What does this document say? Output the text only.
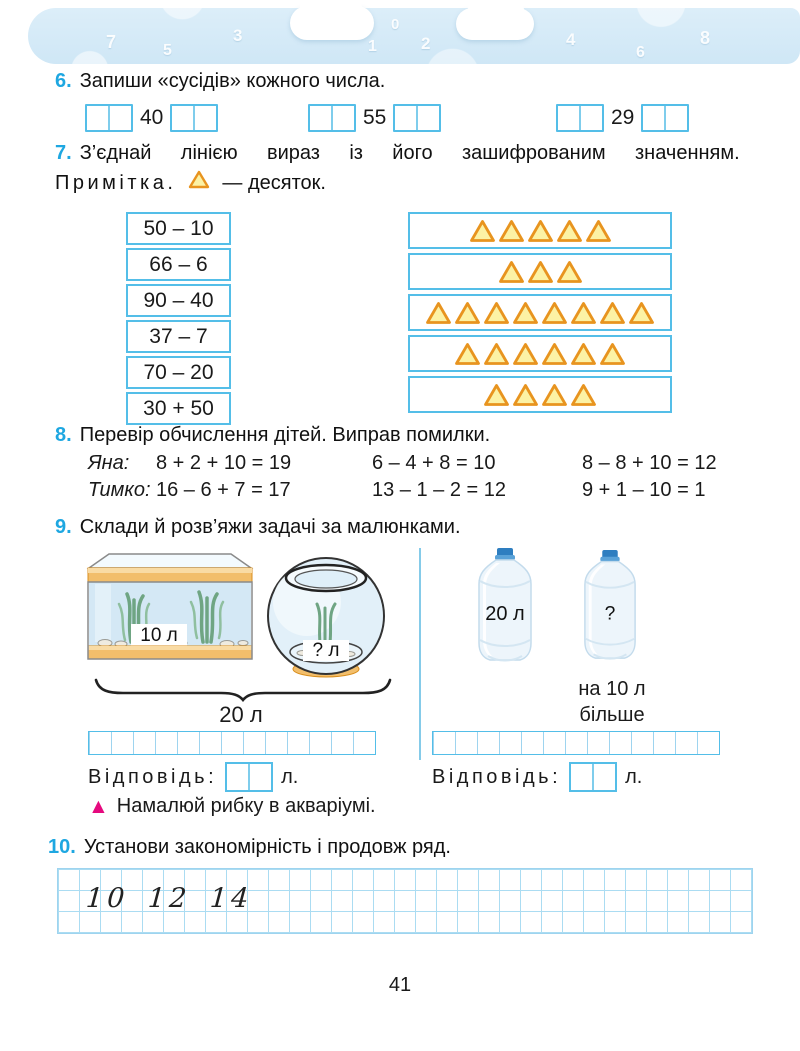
7	5
3
1
0
2	4
6
8
6. Запиши «сусідів» кожного числа.
40	55	29
7. З’єднай лінією вираз із його зашифрованим значенням.
Примітка. — десяток.
50 – 10
66 – 6
90 – 40
37 – 7
70 – 20
30 + 50
8. Перевір обчислення дітей. Виправ помилки.
Яна:	8 + 2 + 10 = 19	6 – 4 + 8 = 10	8 – 8 + 10 = 12
Тимко: 16 – 6 + 7 = 17	13 – 1 – 2 = 12	9 + 1 – 10 = 1
9. Склади й розв’яжи задачі за малюнками.
10 л
? л
20 л
20 л	?
на 10 л
більше
Відповідь:	л.	Відповідь:	л.
▲ Намалюй рибку в акваріумі.
10. Установи закономірність і продовж ряд.
10 12 14
41
